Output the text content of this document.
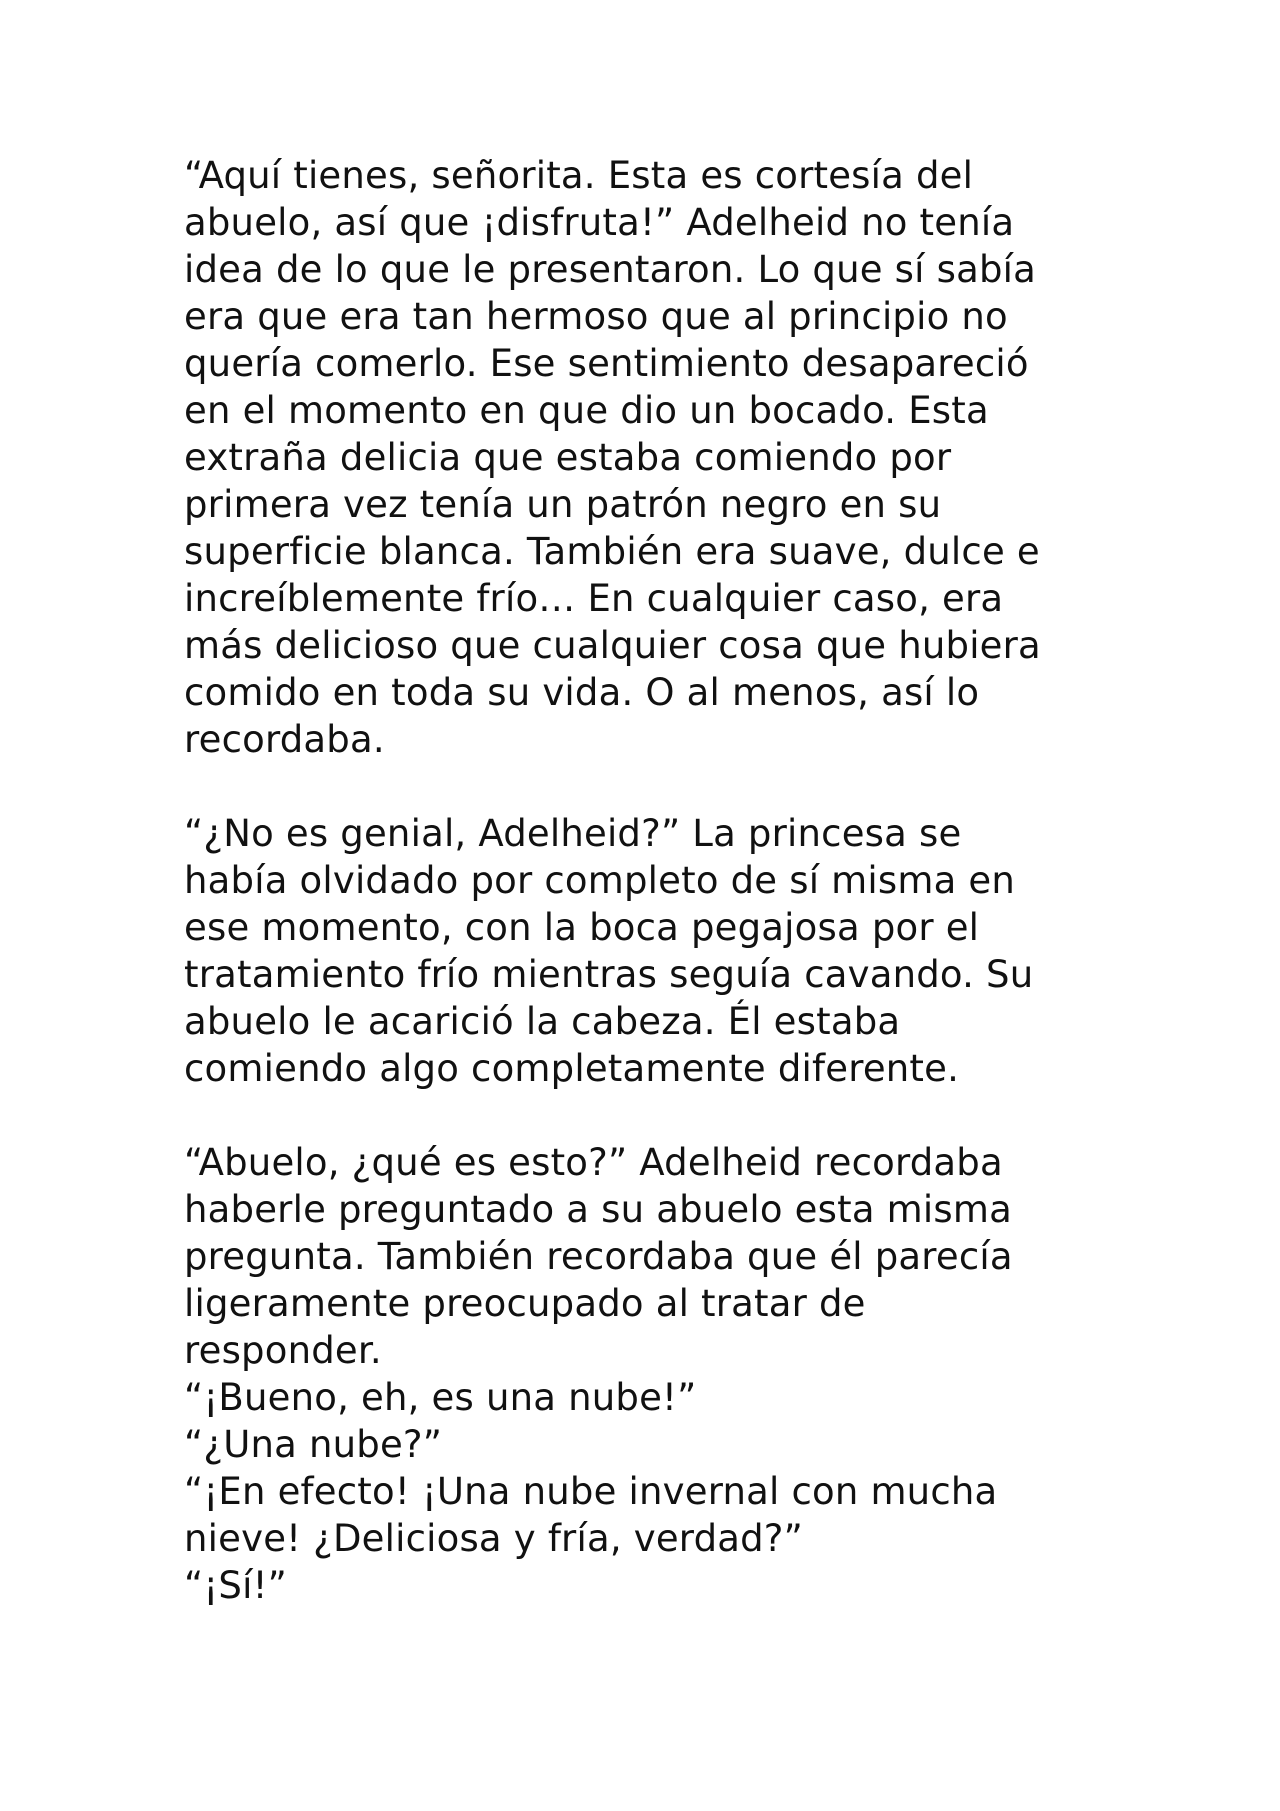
“Aquí tienes, señorita. Esta es cortesía del
abuelo, así que ¡disfruta!” Adelheid no tenía
idea de lo que le presentaron. Lo que sí sabía
era que era tan hermoso que al principio no
quería comerlo. Ese sentimiento desapareció
en el momento en que dio un bocado. Esta
extraña delicia que estaba comiendo por
primera vez tenía un patrón negro en su
superficie blanca. También era suave, dulce e
increíblemente frío… En cualquier caso, era
más delicioso que cualquier cosa que hubiera
comido en toda su vida. O al menos, así lo
recordaba.
“¿No es genial, Adelheid?” La princesa se
había olvidado por completo de sí misma en
ese momento, con la boca pegajosa por el
tratamiento frío mientras seguía cavando. Su
abuelo le acarició la cabeza. Él estaba
comiendo algo completamente diferente.
“Abuelo, ¿qué es esto?” Adelheid recordaba
haberle preguntado a su abuelo esta misma
pregunta. También recordaba que él parecía
ligeramente preocupado al tratar de
responder.
“¡Bueno, eh, es una nube!”
“¿Una nube?”
“¡En efecto! ¡Una nube invernal con mucha
nieve! ¿Deliciosa y fría, verdad?”
“¡Sí!”
